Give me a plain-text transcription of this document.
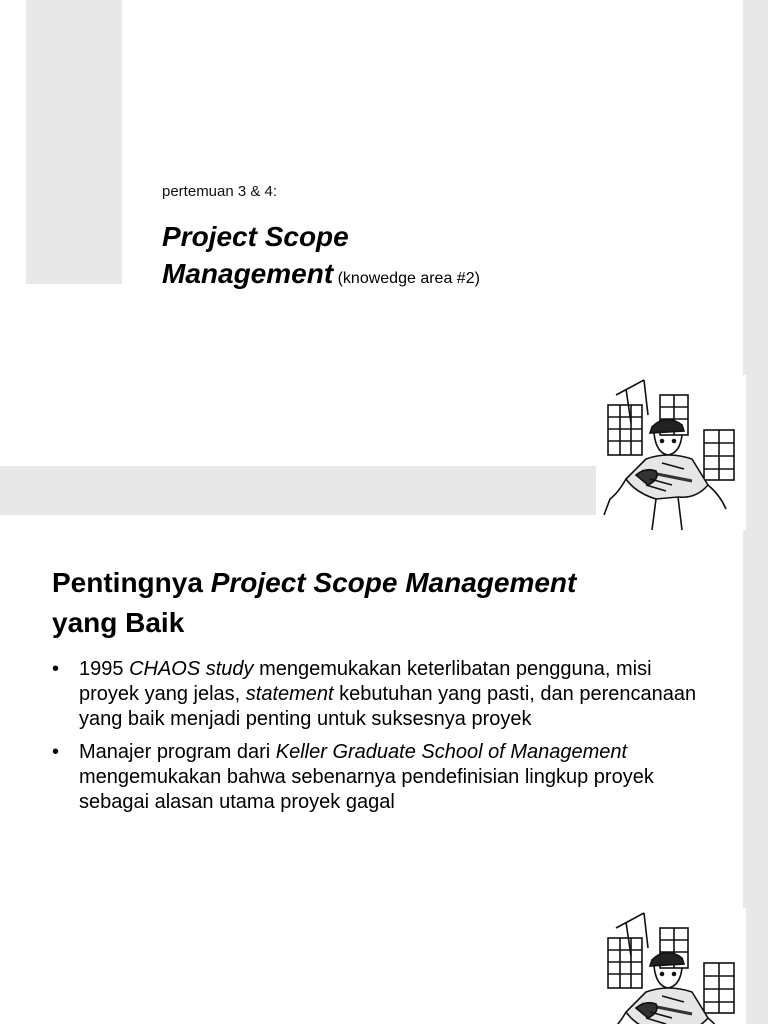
pertemuan 3 & 4:
Project Scope
Management (knowedge area #2)
Pentingnya Project Scope Management
yang Baik
• 1995 CHAOS study mengemukakan keterlibatan pengguna, misi proyek yang jelas, statement kebutuhan yang pasti, dan perencanaan yang baik menjadi penting untuk suksesnya proyek
• Manajer program dari Keller Graduate School of Management mengemukakan bahwa sebenarnya pendefinisian lingkup proyek sebagai alasan utama proyek gagal
